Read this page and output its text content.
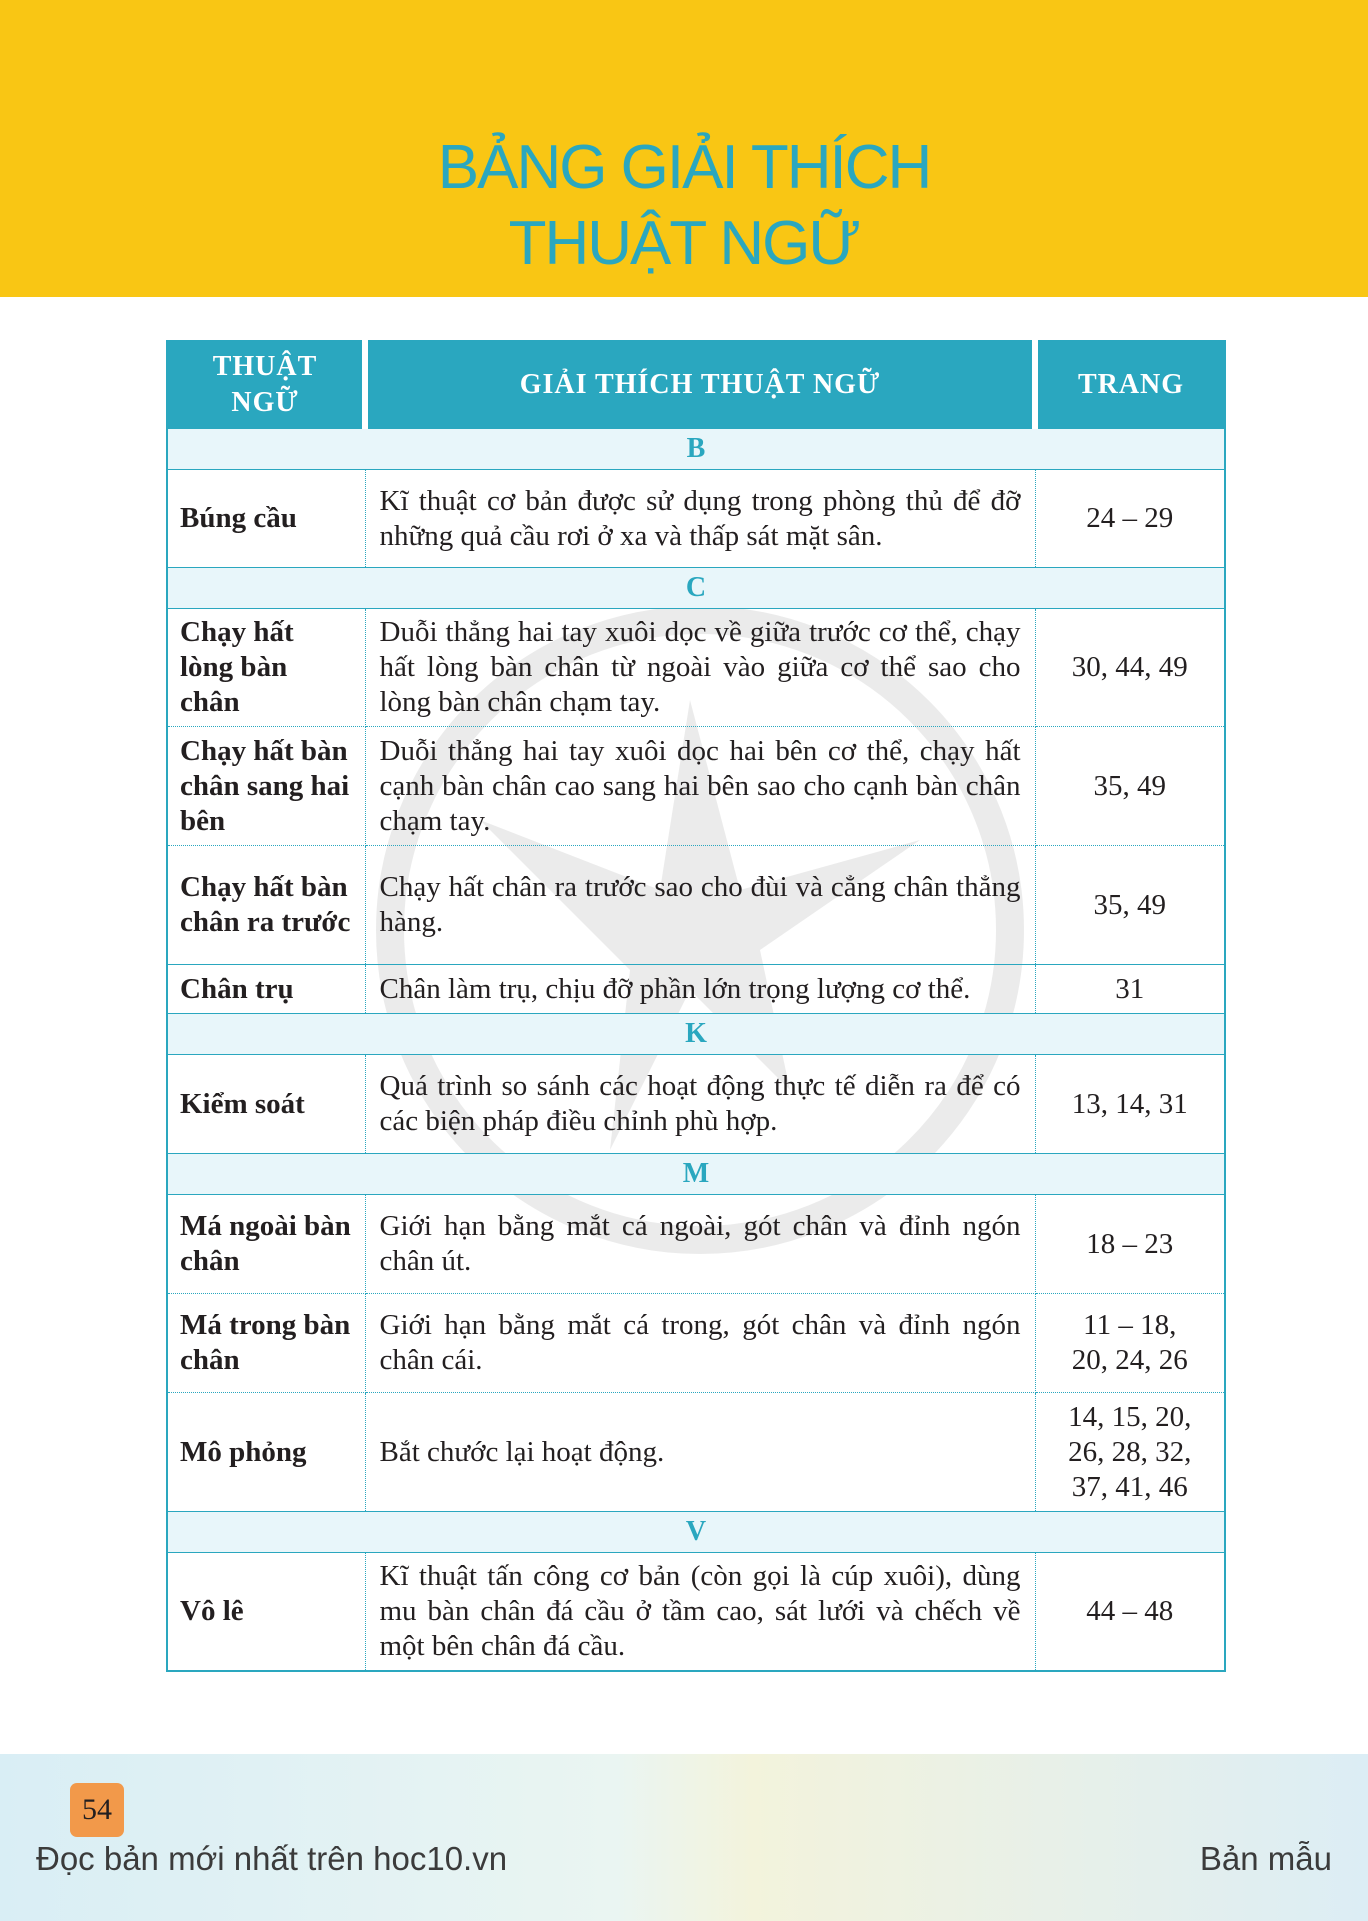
BẢNG GIẢI THÍCH
THUẬT NGỮ
THUẬT NGỮ	GIẢI THÍCH THUẬT NGỮ	TRANG
B		
Búng cầu	Kĩ thuật cơ bản được sử dụng trong phòng thủ để đỡ những quả cầu rơi ở xa và thấp sát mặt sân.	24 – 29
C		
Chạy hất lòng bàn chân	Duỗi thẳng hai tay xuôi dọc về giữa trước cơ thể, chạy hất lòng bàn chân từ ngoài vào giữa cơ thể sao cho lòng bàn chân chạm tay.	30, 44, 49
Chạy hất bàn chân sang hai bên	Duỗi thẳng hai tay xuôi dọc hai bên cơ thể, chạy hất cạnh bàn chân cao sang hai bên sao cho cạnh bàn chân chạm tay.	35, 49
Chạy hất bàn chân ra trước	Chạy hất chân ra trước sao cho đùi và cẳng chân thẳng hàng.	35, 49
Chân trụ	Chân làm trụ, chịu đỡ phần lớn trọng lượng cơ thể.	31
K		
Kiểm soát	Quá trình so sánh các hoạt động thực tế diễn ra để có các biện pháp điều chỉnh phù hợp.	13, 14, 31
M		
Má ngoài bàn chân	Giới hạn bằng mắt cá ngoài, gót chân và đỉnh ngón chân út.	18 – 23
Má trong bàn chân	Giới hạn bằng mắt cá trong, gót chân và đỉnh ngón chân cái.	11 – 18, 20, 24, 26
Mô phỏng	Bắt chước lại hoạt động.	14, 15, 20, 26, 28, 32, 37, 41, 46
V		
Vô lê	Kĩ thuật tấn công cơ bản (còn gọi là cúp xuôi), dùng mu bàn chân đá cầu ở tầm cao, sát lưới và chếch về một bên chân đá cầu.	44 – 48
54
Đọc bản mới nhất trên hoc10.vn	Bản mẫu
